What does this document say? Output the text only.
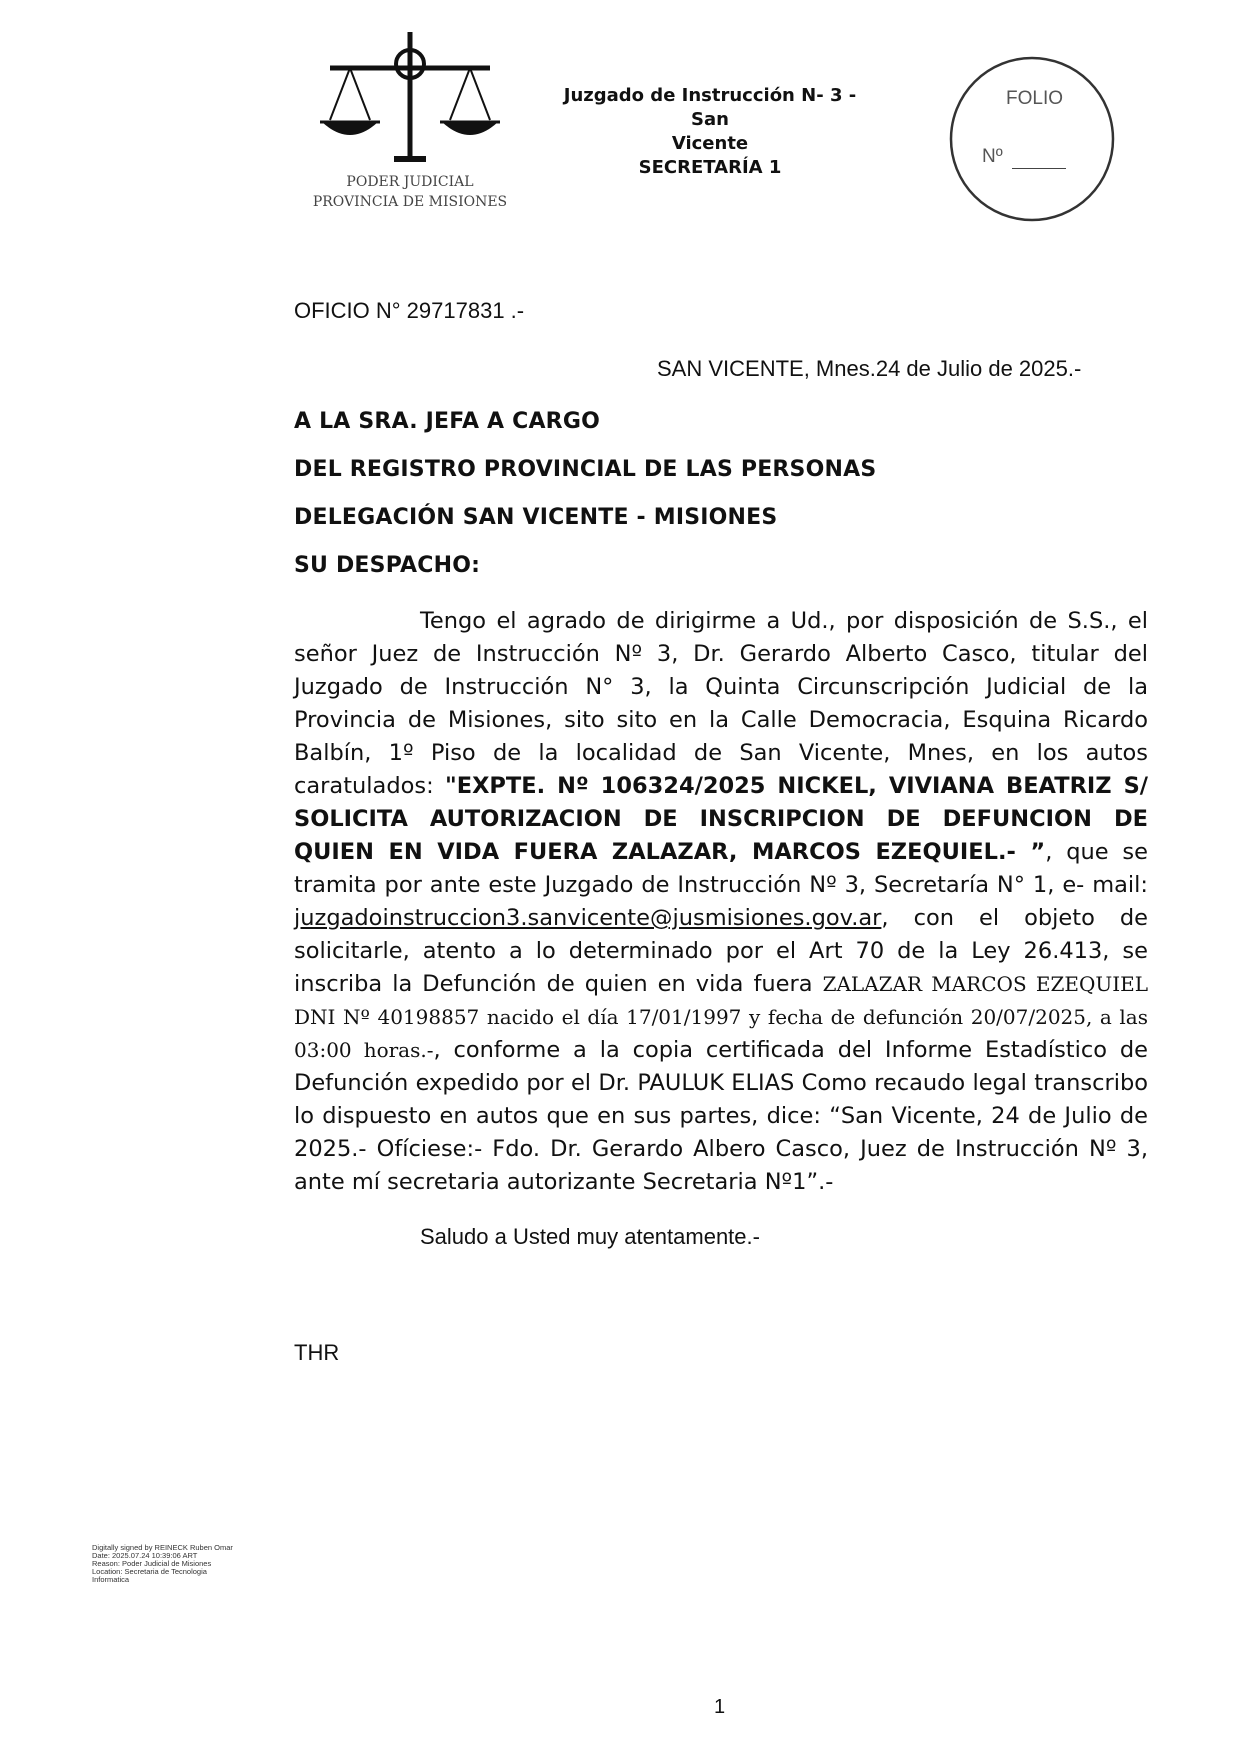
PODER JUDICIAL
PROVINCIA DE MISIONES
Juzgado de Instrucción N- 3 - San
Vicente
SECRETARÍA 1
FOLIO
Nº
OFICIO N° 29717831 .-
SAN VICENTE, Mnes.24 de Julio de 2025.-
A LA SRA. JEFA A CARGO
DEL REGISTRO PROVINCIAL DE LAS PERSONAS
DELEGACIÓN SAN VICENTE - MISIONES
SU DESPACHO:
Tengo el agrado de dirigirme a Ud., por disposición de S.S., el señor Juez de Instrucción Nº 3, Dr. Gerardo Alberto Casco, titular del Juzgado de Instrucción N° 3, la Quinta Circunscripción Judicial de la Provincia de Misiones, sito sito en la Calle Democracia, Esquina Ricardo Balbín, 1º Piso de la localidad de San Vicente, Mnes, en los autos caratulados: "EXPTE. Nº 106324/2025 NICKEL, VIVIANA BEATRIZ S/ SOLICITA AUTORIZACION DE INSCRIPCION DE DEFUNCION DE QUIEN EN VIDA FUERA ZALAZAR, MARCOS EZEQUIEL.- ”, que se tramita por ante este Juzgado de Instrucción Nº 3, Secretaría N° 1, e- mail: juzgadoinstruccion3.sanvicente@jusmisiones.gov.ar, con el objeto de solicitarle, atento a lo determinado por el Art 70 de la Ley 26.413, se inscriba la Defunción de quien en vida fuera ZALAZAR MARCOS EZEQUIEL DNI Nº 40198857 nacido el día 17/01/1997 y fecha de defunción 20/07/2025, a las 03:00 horas.-, conforme a la copia certificada del Informe Estadístico de Defunción expedido por el Dr. PAULUK ELIAS Como recaudo legal transcribo lo dispuesto en autos que en sus partes, dice: “San Vicente, 24 de Julio de 2025.- Ofíciese:- Fdo. Dr. Gerardo Albero Casco, Juez de Instrucción Nº 3, ante mí secretaria autorizante Secretaria Nº1”.-
Saludo a Usted muy atentamente.-
THR
Digitally signed by REINECK Ruben Omar
Date: 2025.07.24 10:39:06 ART
Reason: Poder Judicial de Misiones
Location: Secretaria de Tecnologia
Informatica
1
